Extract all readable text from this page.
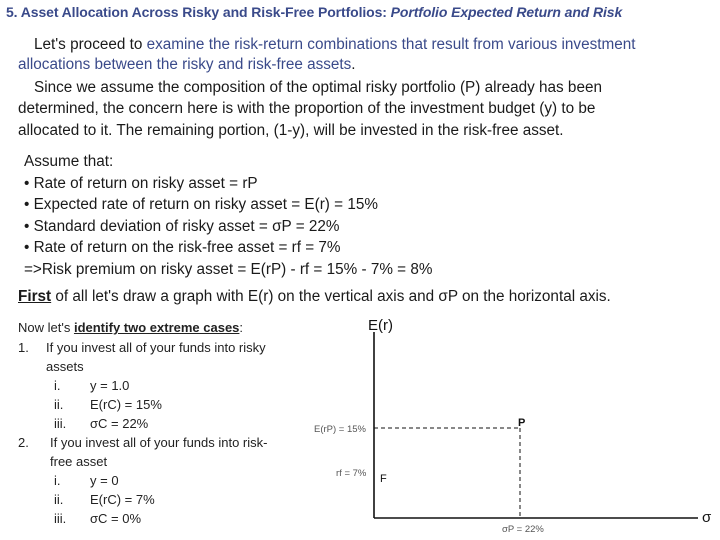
5. Asset Allocation Across Risky and Risk-Free Portfolios: Portfolio Expected Return and Risk
Let's proceed to examine the risk-return combinations that result from various investment
allocations between the risky and risk-free assets.
Since we assume the composition of the optimal risky portfolio (P) already has been
determined, the concern here is with the proportion of the investment budget (y) to be
allocated to it. The remaining portion, (1-y), will be invested in the risk-free asset.
Assume that:
• Rate of return on risky asset = rP
• Expected rate of return on risky asset = E(r) = 15%
• Standard deviation of risky asset = σP = 22%
• Rate of return on the risk-free asset = rf = 7%
=>Risk premium on risky asset = E(rP) - rf = 15% - 7% = 8%
First of all let's draw a graph with E(r) on the vertical axis and σP on the horizontal axis.
Now let's identify two extreme cases:
1. If you invest all of your funds into risky
assets
i. y = 1.0
ii. E(rC) = 15%
iii. σC = 22%
2. If you invest all of your funds into risk-
free asset
i. y = 0
ii. E(rC) = 7%
iii. σC = 0%
E(r)
σ
E(rP) = 15%
rf = 7%
σP = 22%
P
F
